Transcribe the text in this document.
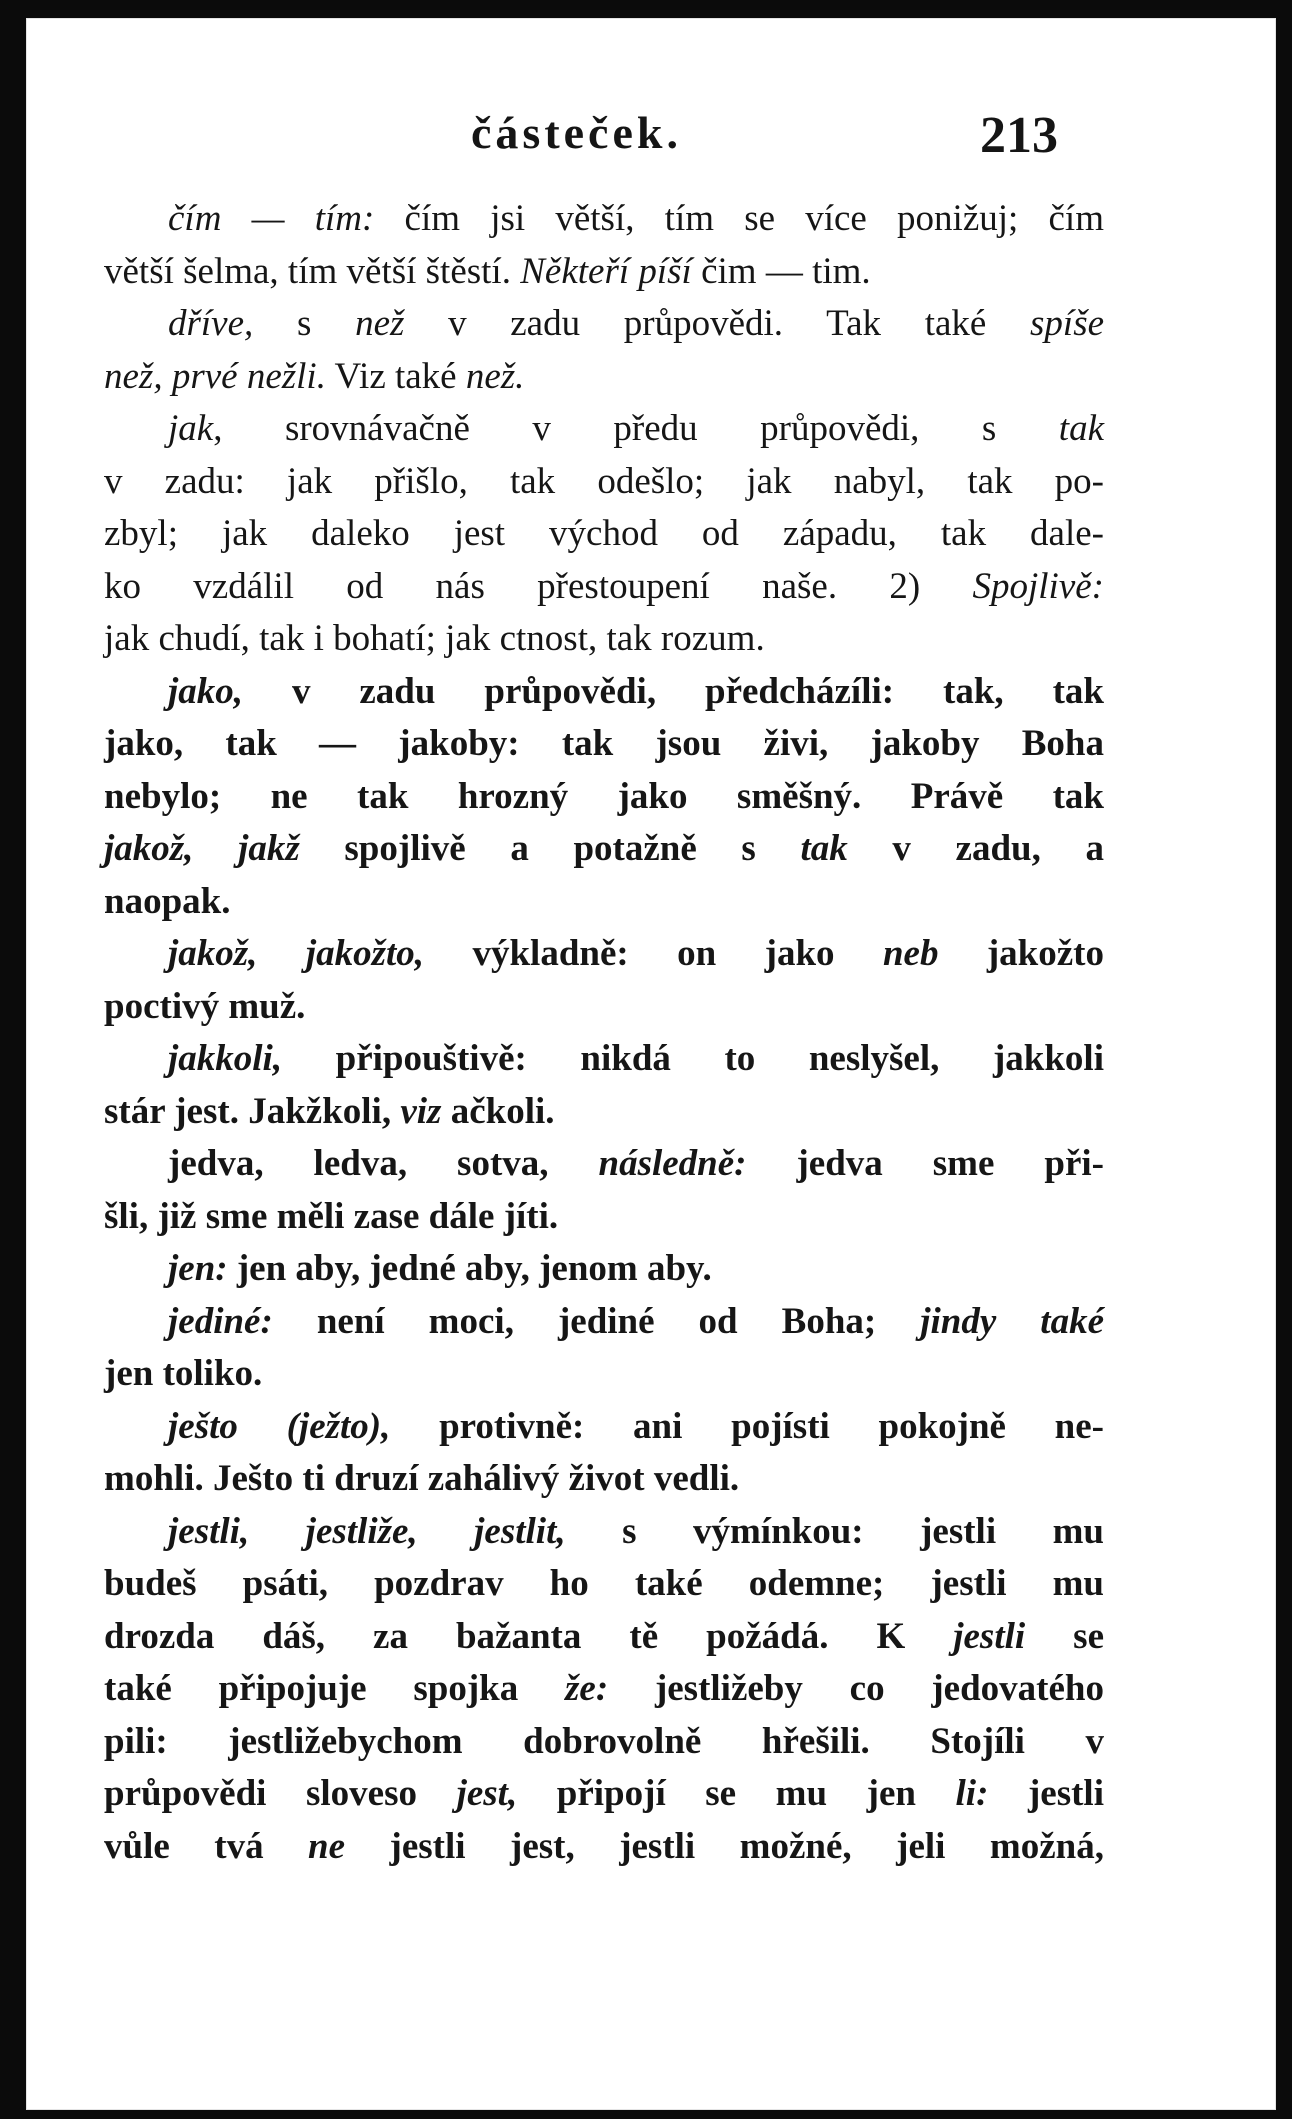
částeček.	213
čím — tím: čím jsi větší, tím se více ponižuj; čím
větší šelma, tím větší štěstí. Někteří píší čim — tim.
dříve, s než v zadu průpovědi. Tak také spíše
než, prvé nežli. Viz také než.
jak, srovnávačně v předu průpovědi, s tak
v zadu: jak přišlo, tak odešlo; jak nabyl, tak po-
zbyl; jak daleko jest východ od západu, tak dale-
ko vzdálil od nás přestoupení naše. 2) Spojlivě:
jak chudí, tak i bohatí; jak ctnost, tak rozum.
jako, v zadu průpovědi, předcházíli: tak, tak
jako, tak — jakoby: tak jsou živi, jakoby Boha
nebylo; ne tak hrozný jako směšný. Právě tak
jakož, jakž spojlivě a potažně s tak v zadu, a
naopak.
jakož, jakožto, výkladně: on jako neb jakožto
poctivý muž.
jakkoli, připouštivě: nikdá to neslyšel, jakkoli
stár jest. Jakžkoli, viz ačkoli.
jedva, ledva, sotva, následně: jedva sme při-
šli, již sme měli zase dále jíti.
jen: jen aby, jedné aby, jenom aby.
jediné: není moci, jediné od Boha; jindy také
jen toliko.
ješto (ježto), protivně: ani pojísti pokojně ne-
mohli. Ješto ti druzí zahálivý život vedli.
jestli, jestliže, jestlit, s výmínkou: jestli mu
budeš psáti, pozdrav ho také odemne; jestli mu
drozda dáš, za bažanta tě požádá. K jestli se
také připojuje spojka že: jestližeby co jedovatého
pili: jestližebychom dobrovolně hřešili. Stojíli v
průpovědi sloveso jest, připojí se mu jen li: jestli
vůle tvá ne jestli jest, jestli možné, jeli možná,
